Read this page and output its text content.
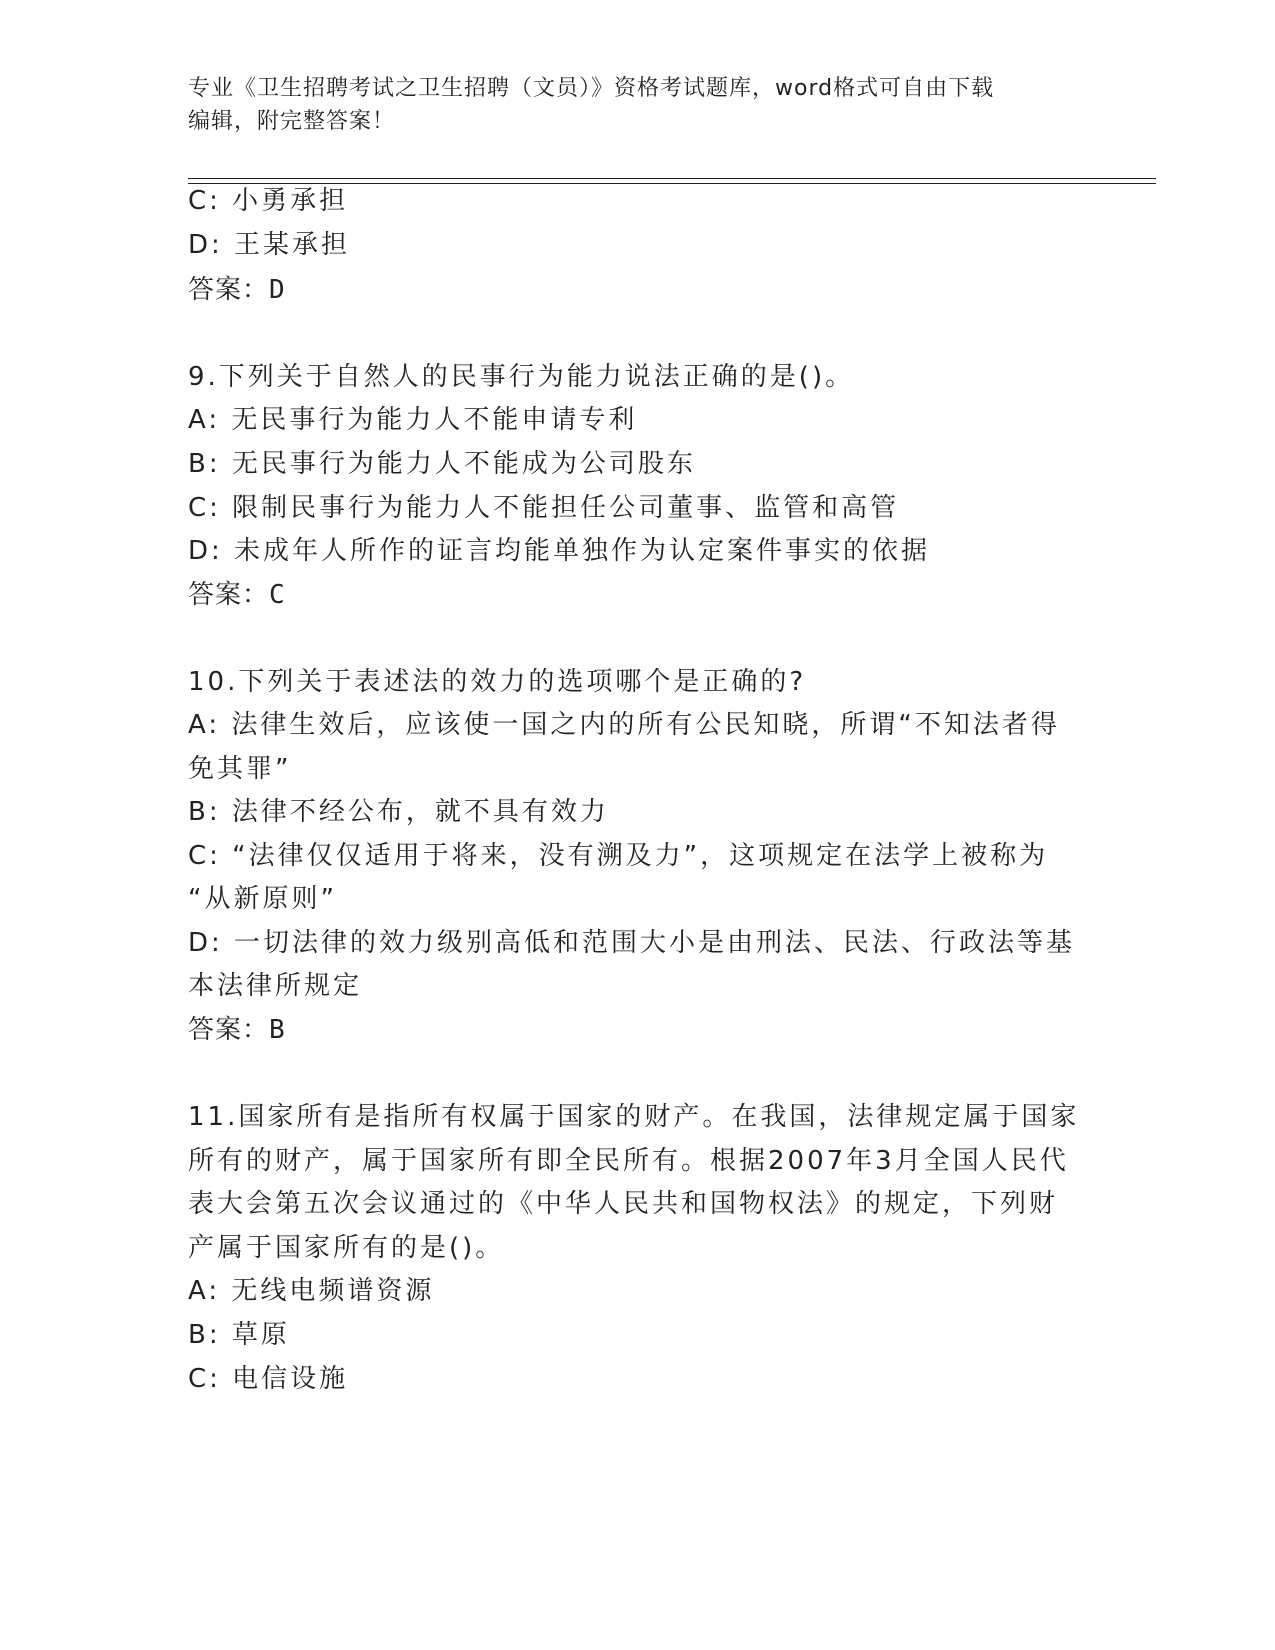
专业《卫生招聘考试之卫生招聘（文员）》资格考试题库，word格式可自由下载
编辑，附完整答案！
C: 小勇承担
D: 王某承担
答案：D
9.下列关于自然人的民事行为能力说法正确的是()。
A: 无民事行为能力人不能申请专利
B: 无民事行为能力人不能成为公司股东
C: 限制民事行为能力人不能担任公司董事、监管和高管
D: 未成年人所作的证言均能单独作为认定案件事实的依据
答案：C
10.下列关于表述法的效力的选项哪个是正确的?
A: 法律生效后，应该使一国之内的所有公民知晓，所谓“不知法者得
免其罪”
B: 法律不经公布，就不具有效力
C: “法律仅仅适用于将来，没有溯及力”，这项规定在法学上被称为
“从新原则”
D: 一切法律的效力级别高低和范围大小是由刑法、民法、行政法等基
本法律所规定
答案：B
11.国家所有是指所有权属于国家的财产。在我国，法律规定属于国家
所有的财产，属于国家所有即全民所有。根据2007年3月全国人民代
表大会第五次会议通过的《中华人民共和国物权法》的规定，下列财
产属于国家所有的是()。
A: 无线电频谱资源
B: 草原
C: 电信设施
